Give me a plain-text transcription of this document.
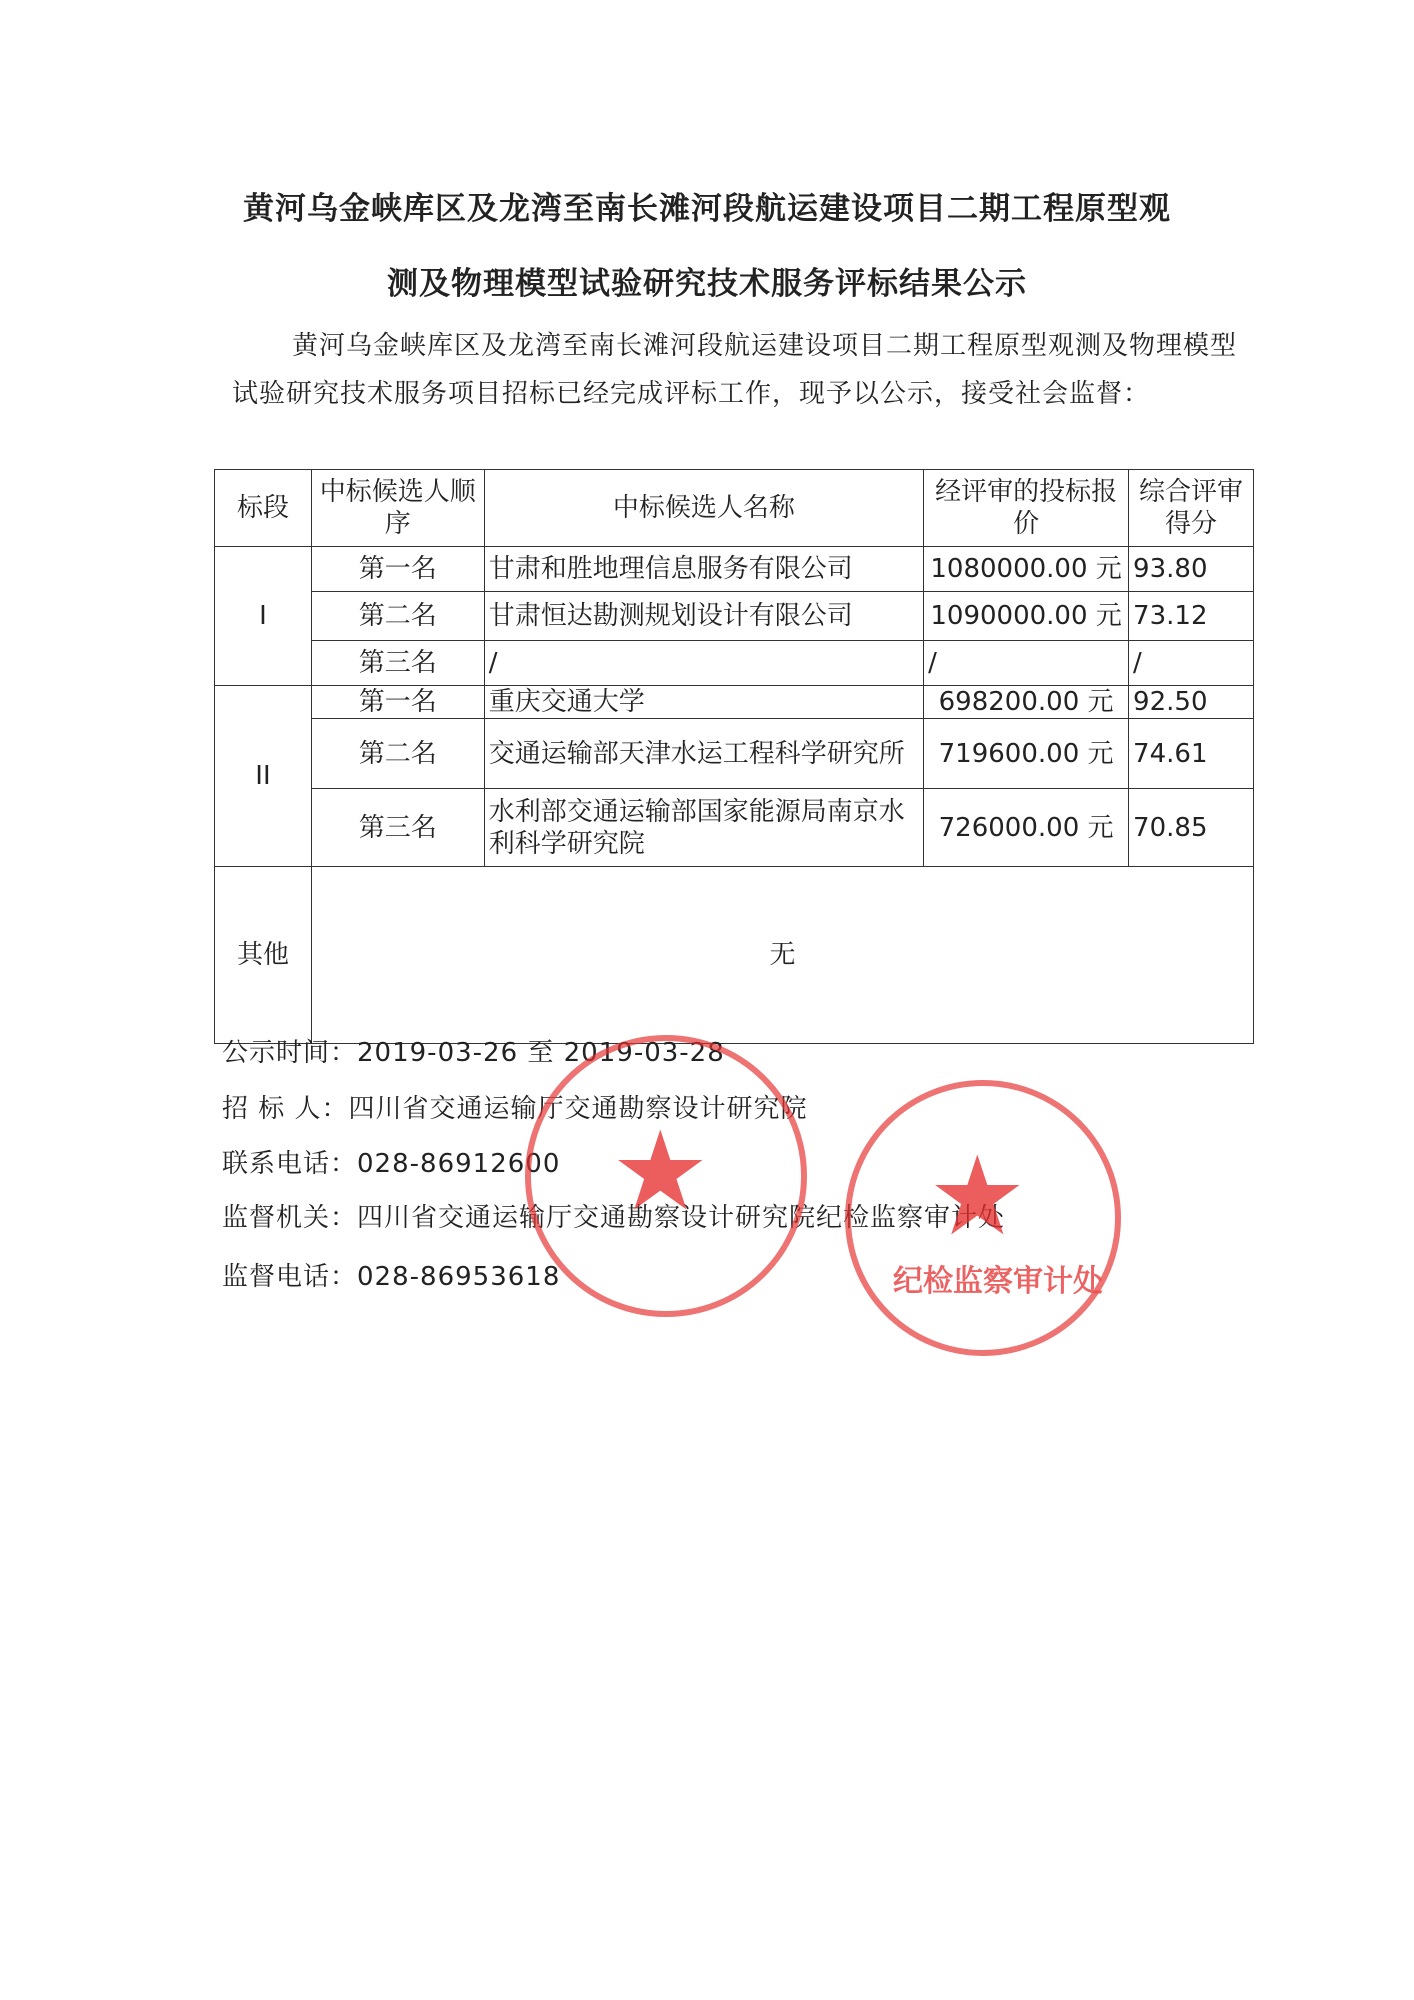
黄河乌金峡库区及龙湾至南长滩河段航运建设项目二期工程原型观
测及物理模型试验研究技术服务评标结果公示
黄河乌金峡库区及龙湾至南长滩河段航运建设项目二期工程原型观测及物理模型试验研究技术服务项目招标已经完成评标工作，现予以公示，接受社会监督：
标段	中标候选人顺序	中标候选人名称	经评审的投标报价	综合评审得分
I	第一名	甘肃和胜地理信息服务有限公司	1080000.00 元	93.80
	第二名	甘肃恒达勘测规划设计有限公司	1090000.00 元	73.12
	第三名	/	/	/
II	第一名	重庆交通大学	698200.00 元	92.50
	第二名	交通运输部天津水运工程科学研究所	719600.00 元	74.61
	第三名	水利部交通运输部国家能源局南京水利科学研究院	726000.00 元	70.85
其他	无			
公示时间：2019-03-26 至 2019-03-28
招 标 人：四川省交通运输厅交通勘察设计研究院
联系电话：028-86912600
监督机关：四川省交通运输厅交通勘察设计研究院纪检监察审计处
监督电话：028-86953618
★ ★
纪检监察审计处
